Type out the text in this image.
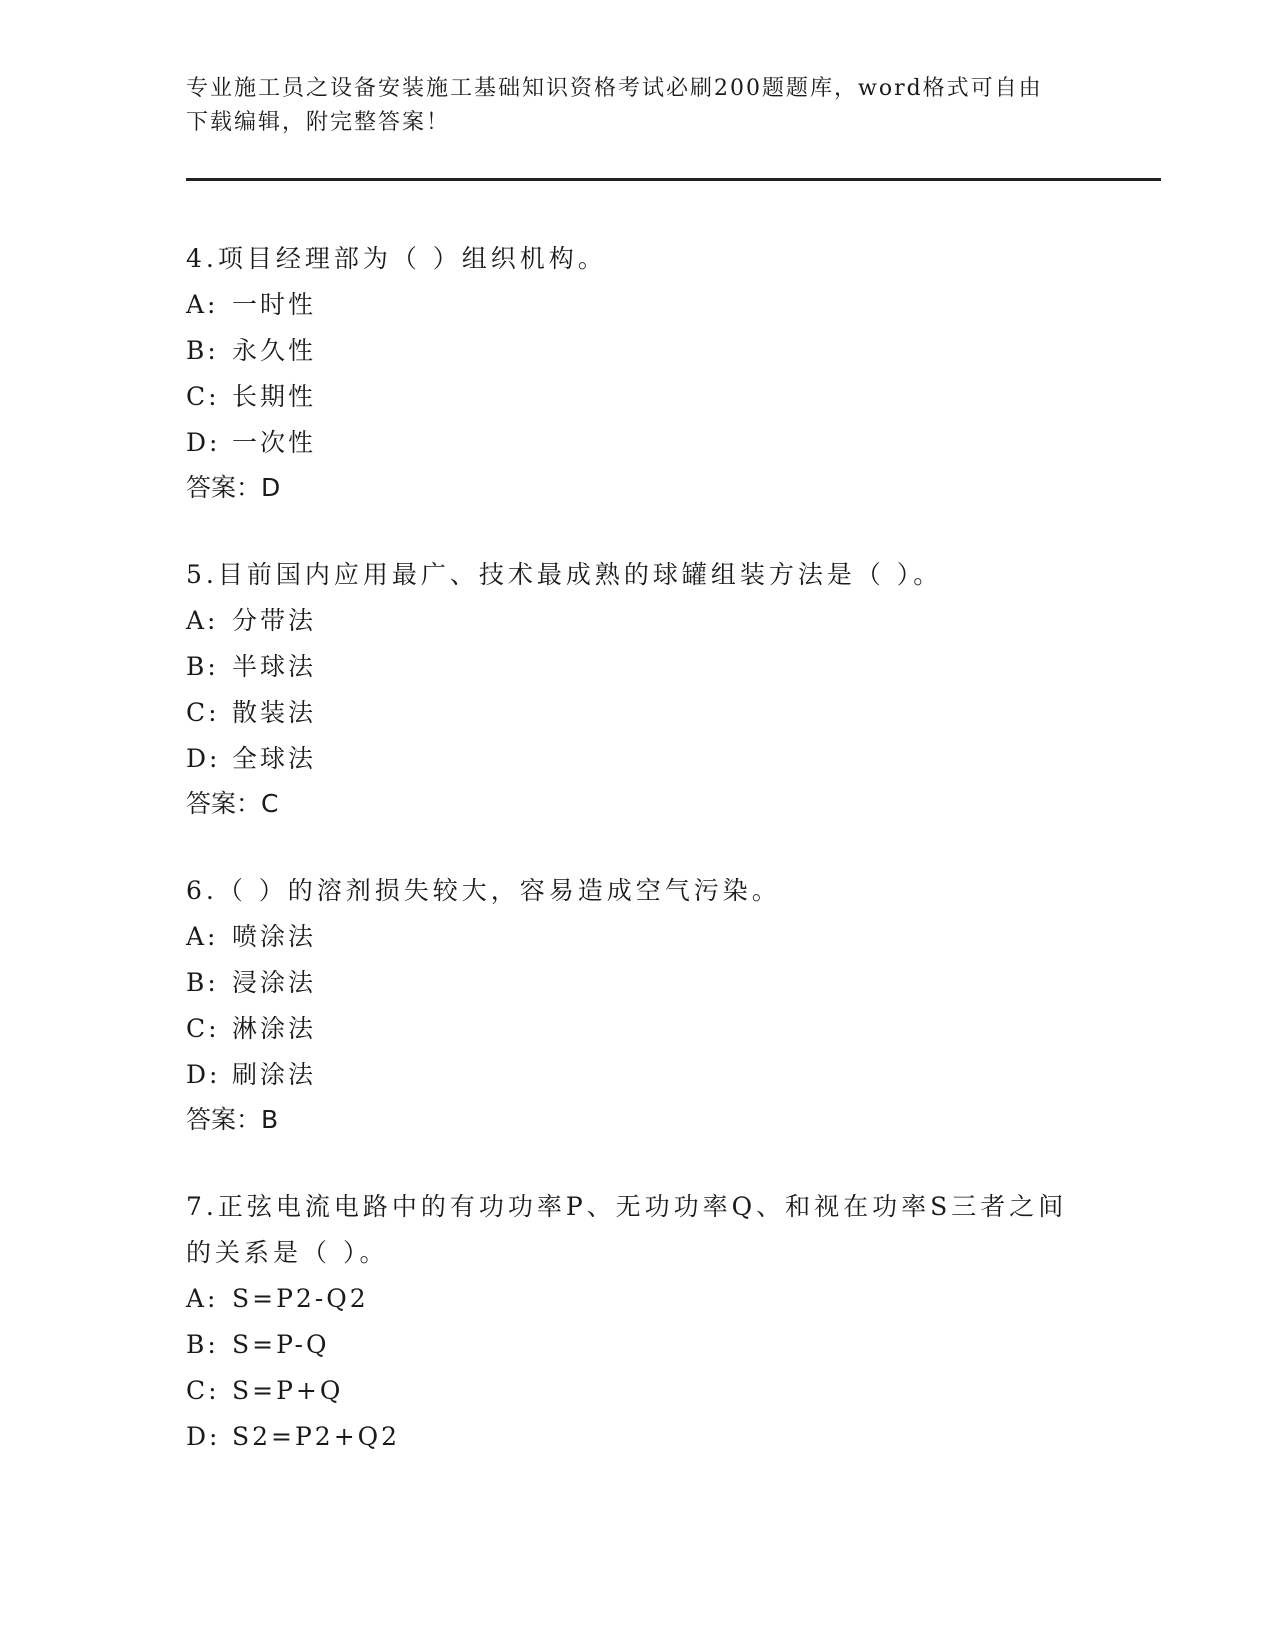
专业施工员之设备安装施工基础知识资格考试必刷200题题库，word格式可自由下载编辑，附完整答案！

4.项目经理部为（ ）组织机构。

A: 一时性

B: 永久性

C: 长期性

D: 一次性

答案：D

5.目前国内应用最广、技术最成熟的球罐组装方法是（ ）。

A: 分带法

B: 半球法

C: 散装法

D: 全球法

答案：C

6.（ ）的溶剂损失较大，容易造成空气污染。

A: 喷涂法

B: 浸涂法

C: 淋涂法

D: 刷涂法

答案：B

7.正弦电流电路中的有功功率P、无功功率Q、和视在功率S三者之间的关系是（ ）。

A: S=P2-Q2

B: S=P-Q

C: S=P+Q

D: S2=P2+Q2
